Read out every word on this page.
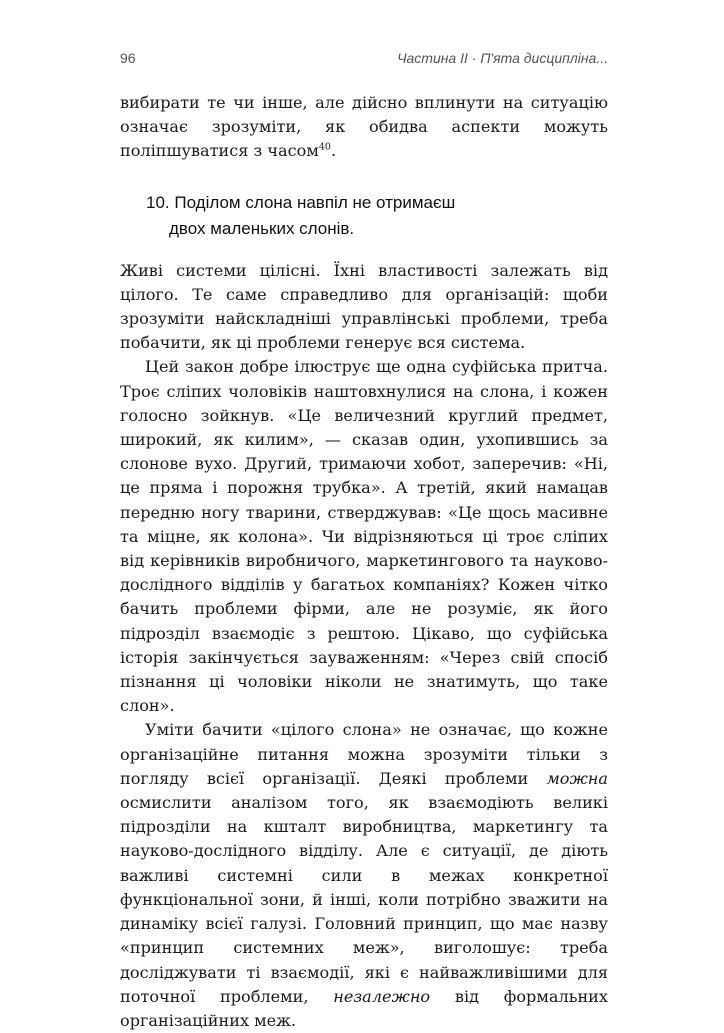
96	Частина II · П'ята дисципліна...

вибирати те чи інше, але дійсно вплинути на ситуацію означає зрозуміти, як обидва аспекти можуть поліпшуватися з часом$^{40}$.

10. Поділом слона навпіл не отримаєш
двох маленьких слонів.

Живі системи цілісні. Їхні властивості залежать від цілого. Те саме справедливо для організацій: щоби зрозуміти найскладніші управлінські проблеми, треба побачити, як ці проблеми генерує вся система.

Цей закон добре ілюструє ще одна суфійська притча. Троє сліпих чоловіків наштовхнулися на слона, і кожен голосно зойкнув. «Це величезний круглий предмет, широкий, як килим», — сказав один, ухопившись за слонове вухо. Другий, тримаючи хобот, заперечив: «Ні, це пряма і порожня трубка». А третій, який намацав передню ногу тварини, стверджував: «Це щось масивне та міцне, як колона». Чи відрізняються ці троє сліпих від керівників виробничого, маркетингового та науково-дослідного відділів у багатьох компаніях? Кожен чітко бачить проблеми фірми, але не розуміє, як його підрозділ взаємодіє з рештою. Цікаво, що суфійська історія закінчується зауваженням: «Через свій спосіб пізнання ці чоловіки ніколи не знатимуть, що таке слон».

Уміти бачити «цілого слона» не означає, що кожне організаційне питання можна зрозуміти тільки з погляду всієї організації. Деякі проблеми можна осмислити аналізом того, як взаємодіють великі підрозділи на кшталт виробництва, маркетингу та науково-дослідного відділу. Але є ситуації, де діють важливі системні сили в межах конкретної функціональної зони, й інші, коли потрібно зважити на динаміку всієї галузі. Головний принцип, що має назву «принцип системних меж», виголошує: треба досліджувати ті взаємодії, які є найважливішими для поточної проблеми, незалежно від формальних організаційних меж.
